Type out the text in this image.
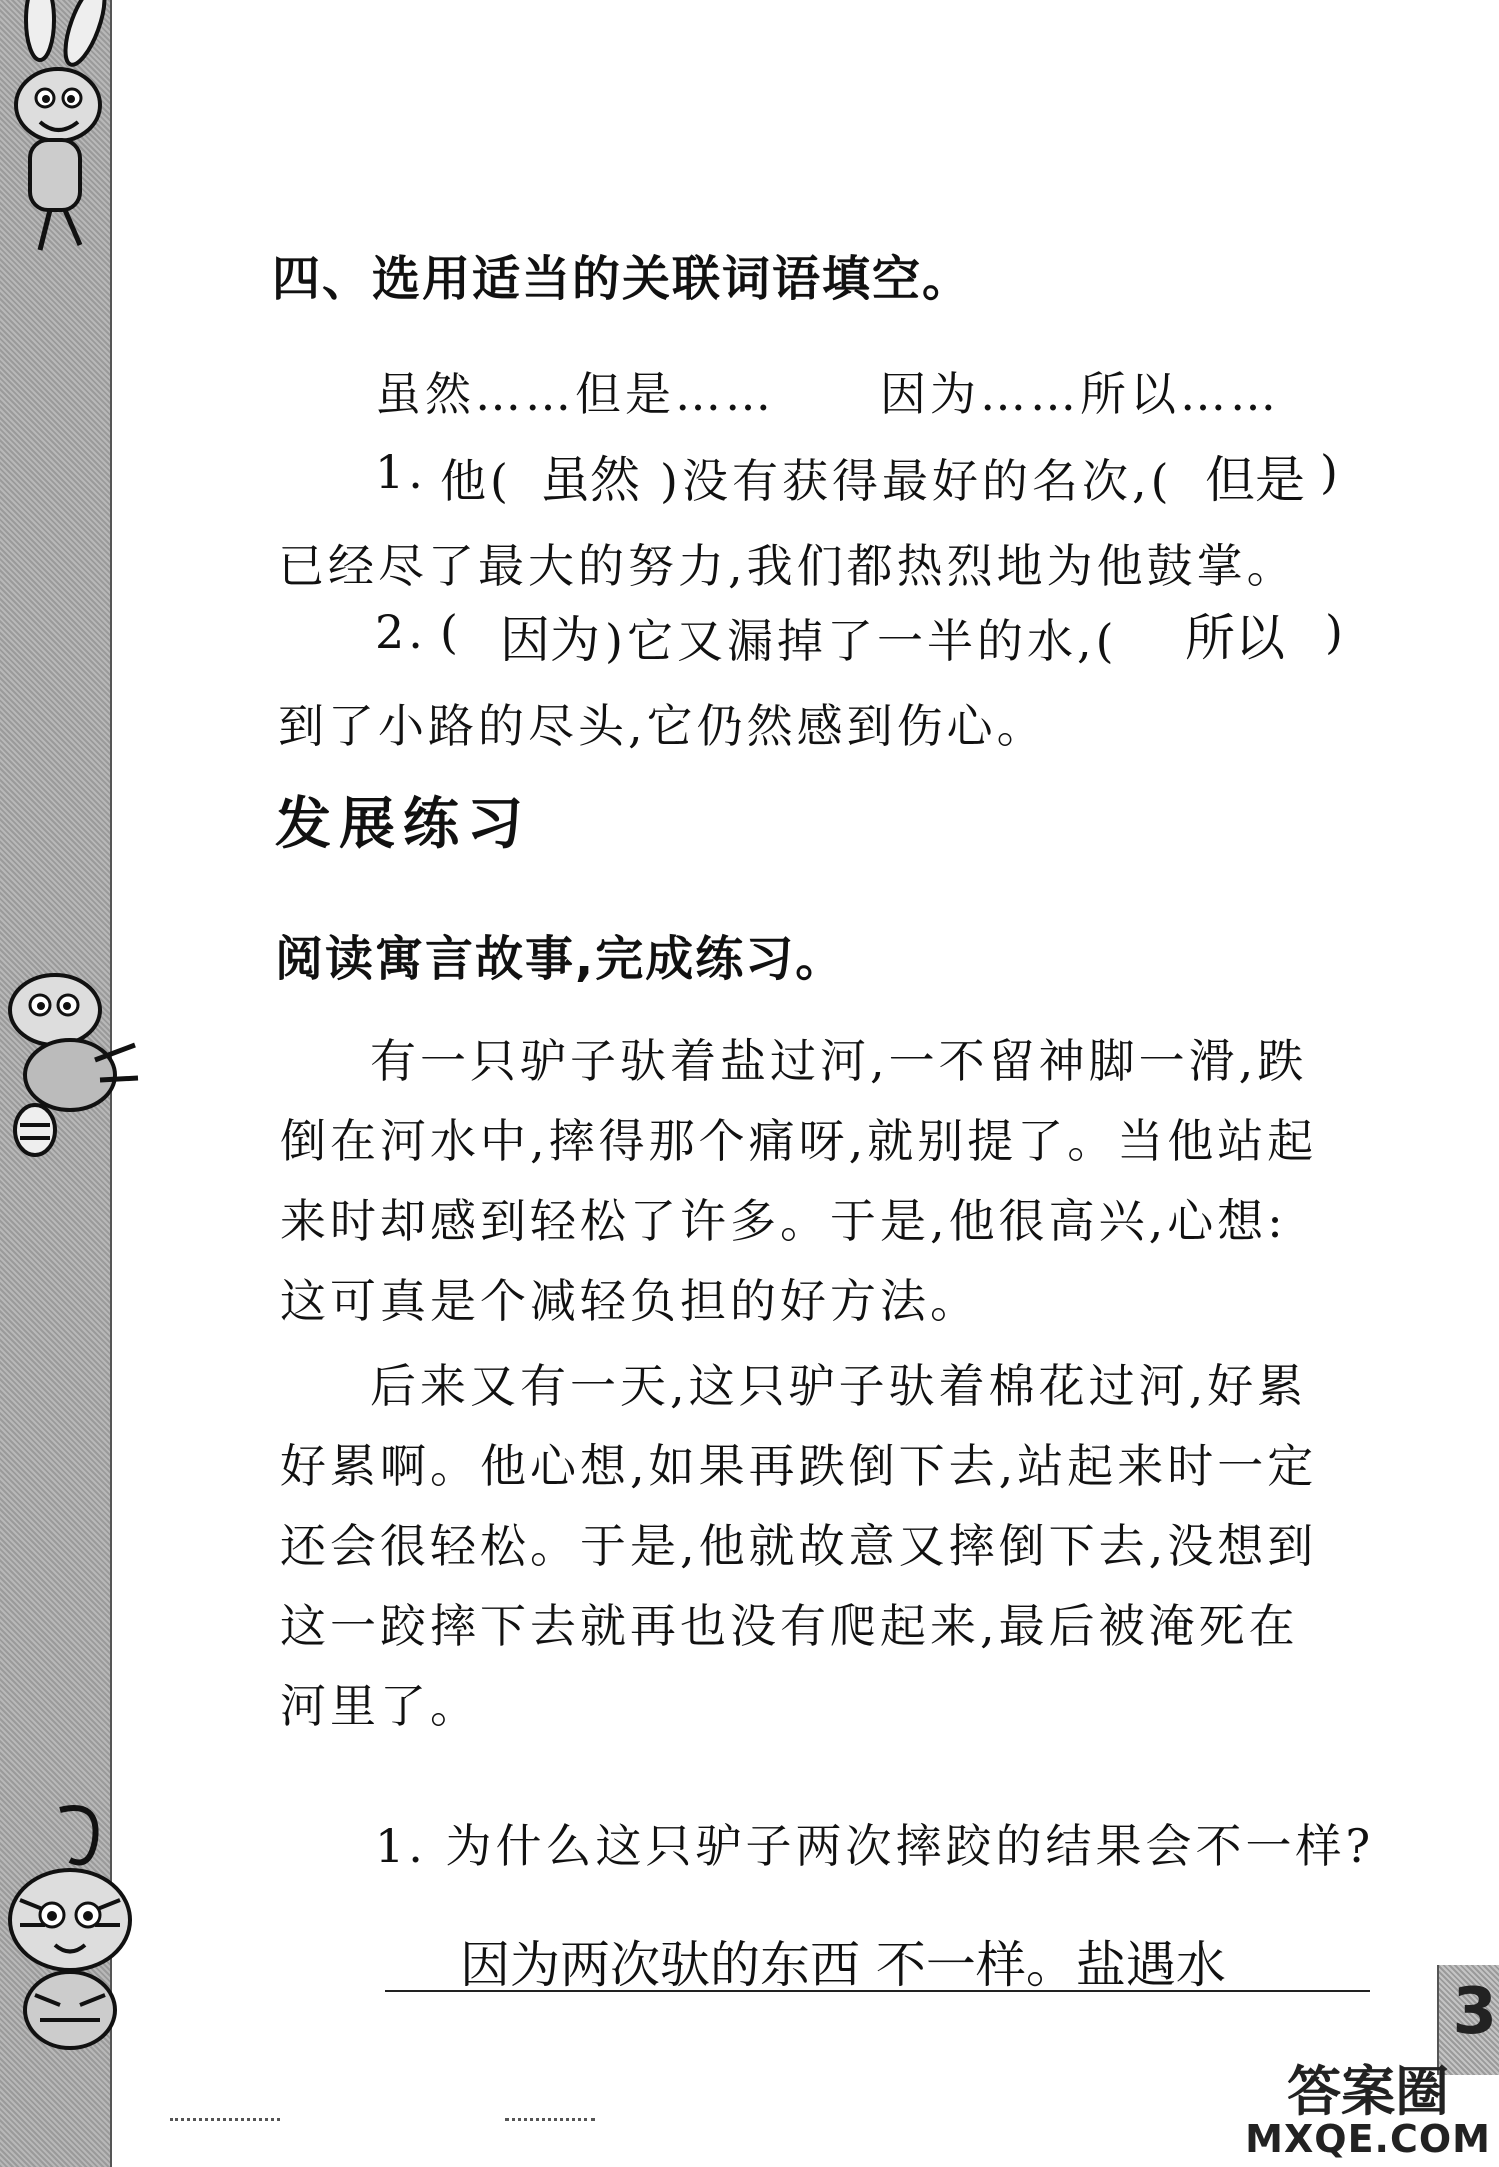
四、选用适当的关联词语填空。
虽然……但是…… 因为……所以……
1. 他( 虽然 )没有获得最好的名次,( 但是 )
已经尽了最大的努力,我们都热烈地为他鼓掌。
2. ( 因为 )它又漏掉了一半的水,( 所以 )
到了小路的尽头,它仍然感到伤心。
发展练习
阅读寓言故事,完成练习。
有一只驴子驮着盐过河,一不留神脚一滑,跌
倒在河水中,摔得那个痛呀,就别提了。当他站起
来时却感到轻松了许多。于是,他很高兴,心想:
这可真是个减轻负担的好方法。
后来又有一天,这只驴子驮着棉花过河,好累
好累啊。他心想,如果再跌倒下去,站起来时一定
还会很轻松。于是,他就故意又摔倒下去,没想到
这一跤摔下去就再也没有爬起来,最后被淹死在
河里了。
1. 为什么这只驴子两次摔跤的结果会不一样?
因为两次驮的东西 不一样。盐遇水
3
答案圈
MXQE.COM
